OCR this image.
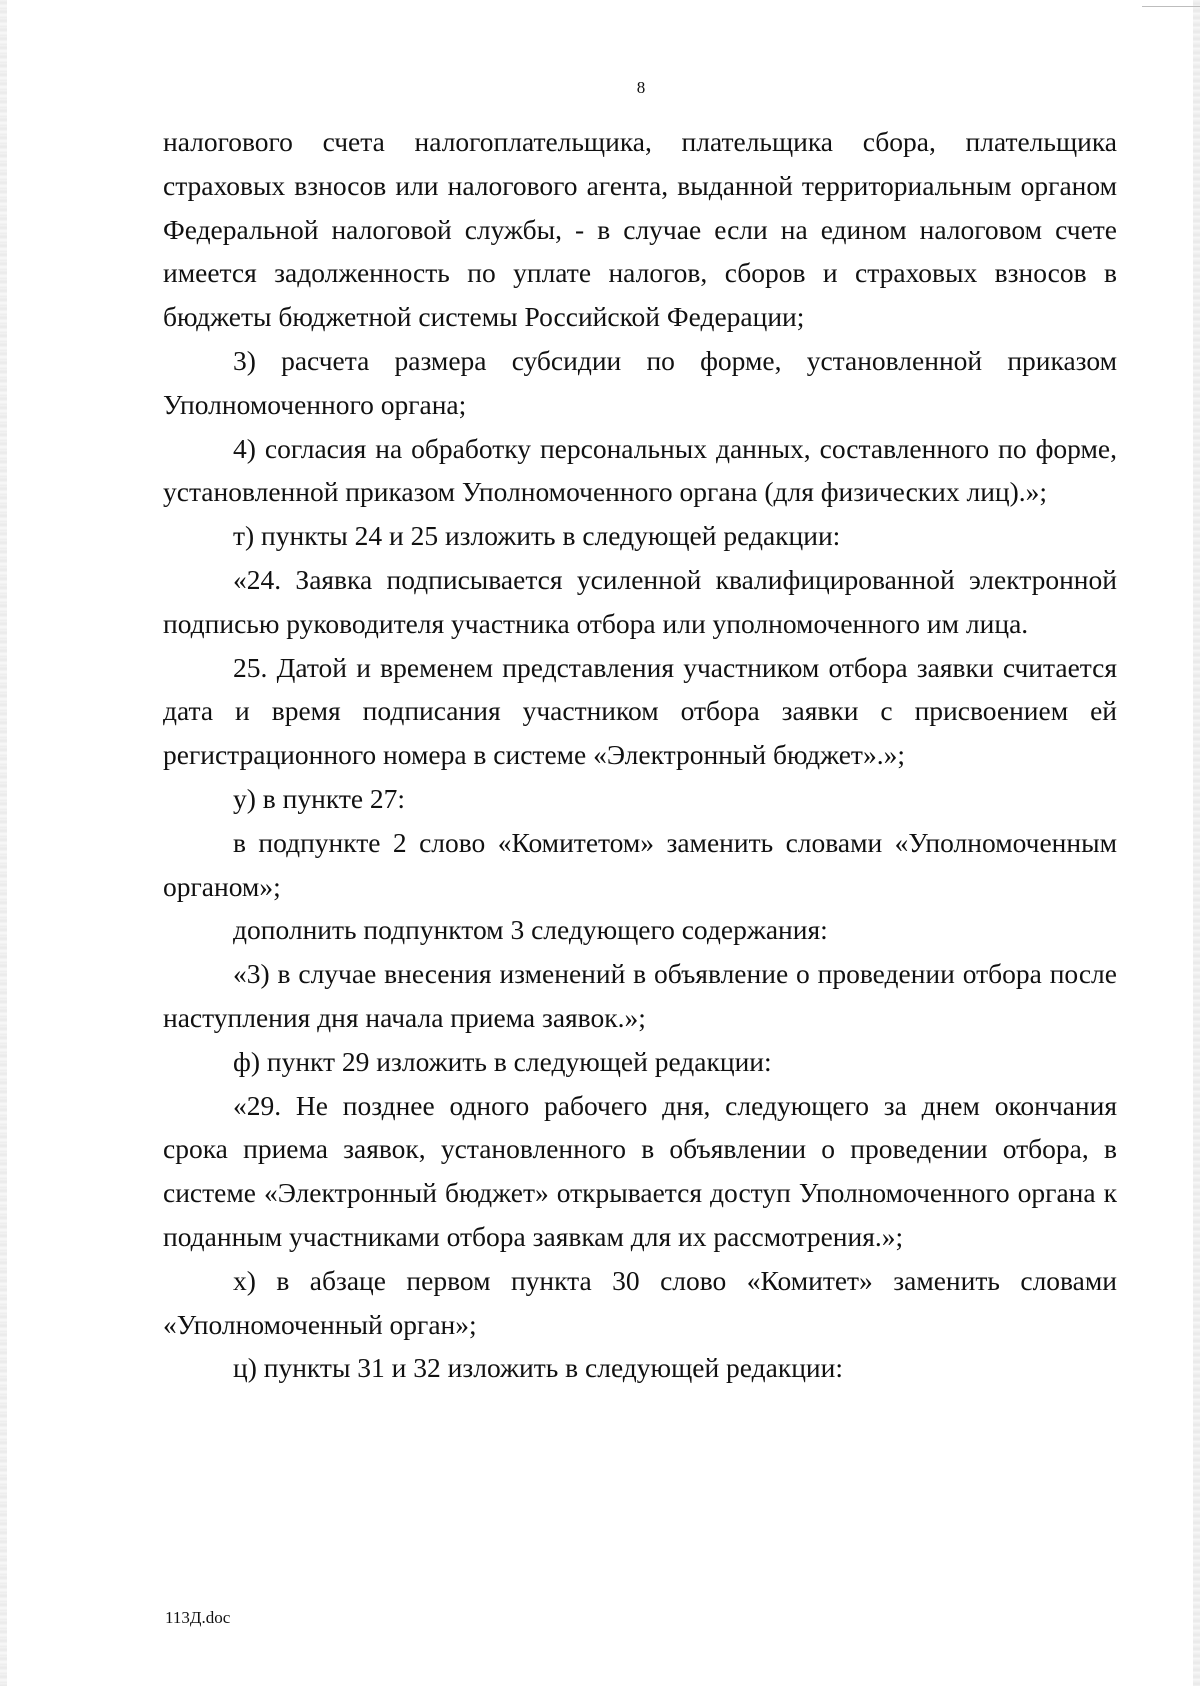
8

налогового счета налогоплательщика, плательщика сбора, плательщика страховых взносов или налогового агента, выданной территориальным органом Федеральной налоговой службы, - в случае если на едином налоговом счете имеется задолженность по уплате налогов, сборов и страховых взносов в бюджеты бюджетной системы Российской Федерации;

3) расчета размера субсидии по форме, установленной приказом Уполномоченного органа;

4) согласия на обработку персональных данных, составленного по форме, установленной приказом Уполномоченного органа (для физических лиц).»;

т) пункты 24 и 25 изложить в следующей редакции:

«24. Заявка подписывается усиленной квалифицированной электронной подписью руководителя участника отбора или уполномоченного им лица.

25. Датой и временем представления участником отбора заявки считается дата и время подписания участником отбора заявки с присвоением ей регистрационного номера в системе «Электронный бюджет».»;

у) в пункте 27:

в подпункте 2 слово «Комитетом» заменить словами «Уполномоченным органом»;

дополнить подпунктом 3 следующего содержания:

«3) в случае внесения изменений в объявление о проведении отбора после наступления дня начала приема заявок.»;

ф) пункт 29 изложить в следующей редакции:

«29. Не позднее одного рабочего дня, следующего за днем окончания срока приема заявок, установленного в объявлении о проведении отбора, в системе «Электронный бюджет» открывается доступ Уполномоченного органа к поданным участниками отбора заявкам для их рассмотрения.»;

х) в абзаце первом пункта 30 слово «Комитет» заменить словами «Уполномоченный орган»;

ц) пункты 31 и 32 изложить в следующей редакции:

113Д.doc
